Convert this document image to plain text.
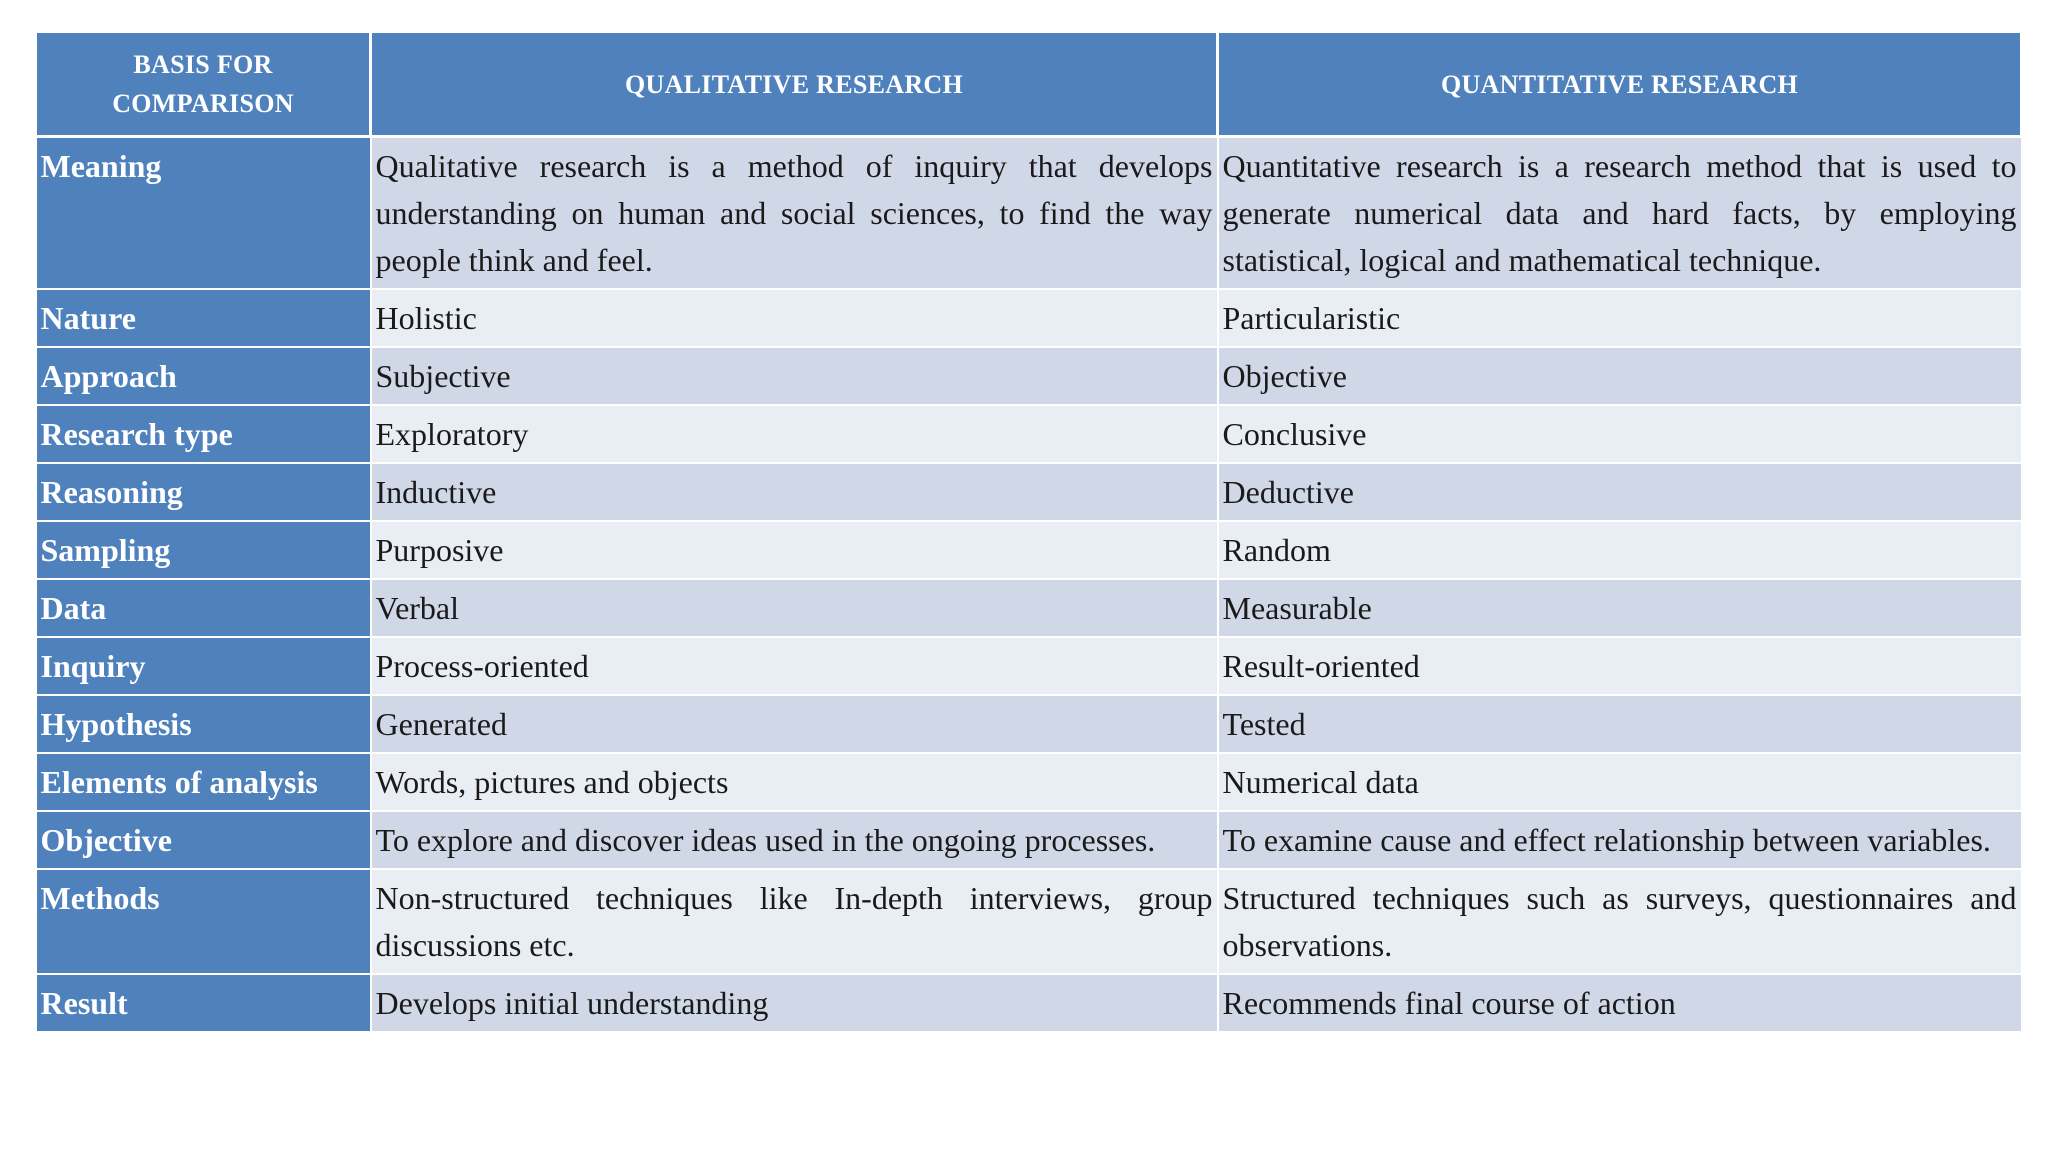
BASIS FOR COMPARISON	QUALITATIVE RESEARCH	QUANTITATIVE RESEARCH
Meaning	Qualitative research is a method of inquiry that develops understanding on human and social sciences, to find the way people think and feel.	Quantitative research is a research method that is used to generate numerical data and hard facts, by employing statistical, logical and mathematical technique.
Nature	Holistic	Particularistic
Approach	Subjective	Objective
Research type	Exploratory	Conclusive
Reasoning	Inductive	Deductive
Sampling	Purposive	Random
Data	Verbal	Measurable
Inquiry	Process-oriented	Result-oriented
Hypothesis	Generated	Tested
Elements of analysis	Words, pictures and objects	Numerical data
Objective	To explore and discover ideas used in the ongoing processes.	To examine cause and effect relationship between variables.
Methods	Non-structured techniques like In-depth interviews, group discussions etc.	Structured techniques such as surveys, questionnaires and observations.
Result	Develops initial understanding	Recommends final course of action
